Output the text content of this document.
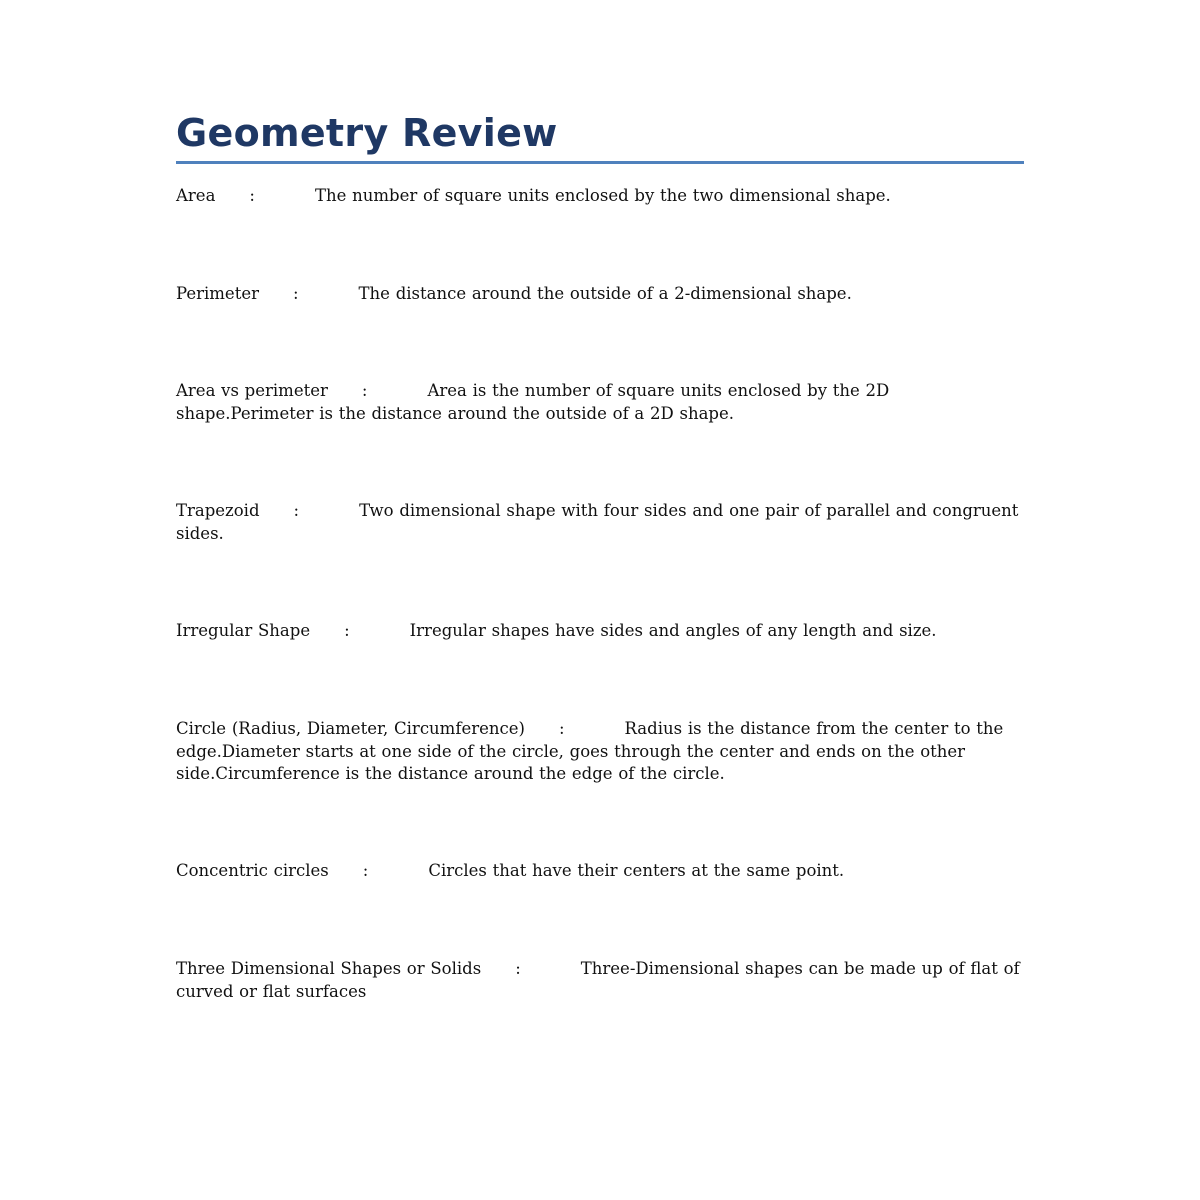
Geometry Review
Area :	The number of square units enclosed by the two dimensional shape.
Perimeter :	The distance around the outside of a 2-dimensional shape.
Area vs perimeter :	Area is the number of square units enclosed by the 2D shape.Perimeter is the distance around the outside of a 2D shape.
Trapezoid :	Two dimensional shape with four sides and one pair of parallel and congruent sides.
Irregular Shape :	Irregular shapes have sides and angles of any length and size.
Circle (Radius, Diameter, Circumference) :	Radius is the distance from the center to the edge.Diameter starts at one side of the circle, goes through the center and ends on the other side.Circumference is the distance around the edge of the circle.
Concentric circles :	Circles that have their centers at the same point.
Three Dimensional Shapes or Solids :	Three-Dimensional shapes can be made up of flat of curved or flat surfaces
